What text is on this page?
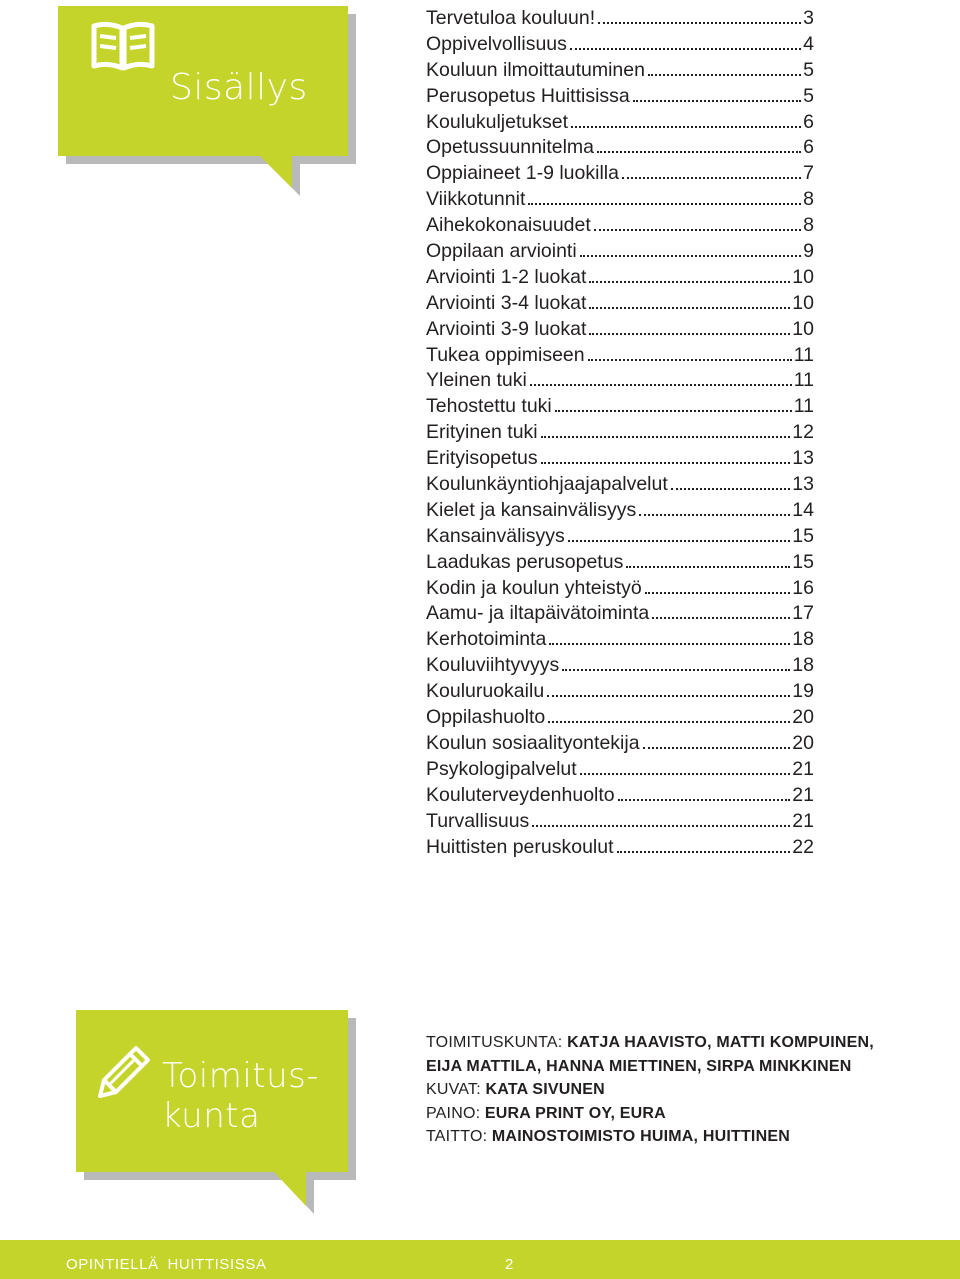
Sisällys
Tervetuloa kouluun!	3
Oppivelvollisuus	4
Kouluun ilmoittautuminen	5
Perusopetus Huittisissa	5
Koulukuljetukset	6
Opetussuunnitelma	6
Oppiaineet 1-9 luokilla	7
Viikkotunnit	8
Aihekokonaisuudet	8
Oppilaan arviointi	9
Arviointi 1-2 luokat	10
Arviointi 3-4 luokat	10
Arviointi 3-9 luokat	10
Tukea oppimiseen	11
Yleinen tuki	11
Tehostettu tuki	11
Erityinen tuki	12
Erityisopetus	13
Koulunkäyntiohjaajapalvelut	13
Kielet ja kansainvälisyys	14
Kansainvälisyys	15
Laadukas perusopetus	15
Kodin ja koulun yhteistyö	16
Aamu- ja iltapäivätoiminta	17
Kerhotoiminta	18
Kouluviihtyvyys	18
Kouluruokailu	19
Oppilashuolto	20
Koulun sosiaalityontekija	20
Psykologipalvelut	21
Kouluterveydenhuolto	21
Turvallisuus	21
Huittisten peruskoulut	22
Toimitus-
kunta
TOIMITUSKUNTA: KATJA HAAVISTO, MATTI KOMPUINEN,
EIJA MATTILA, HANNA MIETTINEN, SIRPA MINKKINEN
KUVAT: KATA SIVUNEN
PAINO: EURA PRINT OY, EURA
TAITTO: MAINOSTOIMISTO HUIMA, HUITTINEN
OPINTIELLÄ HUITTISISSA	2
